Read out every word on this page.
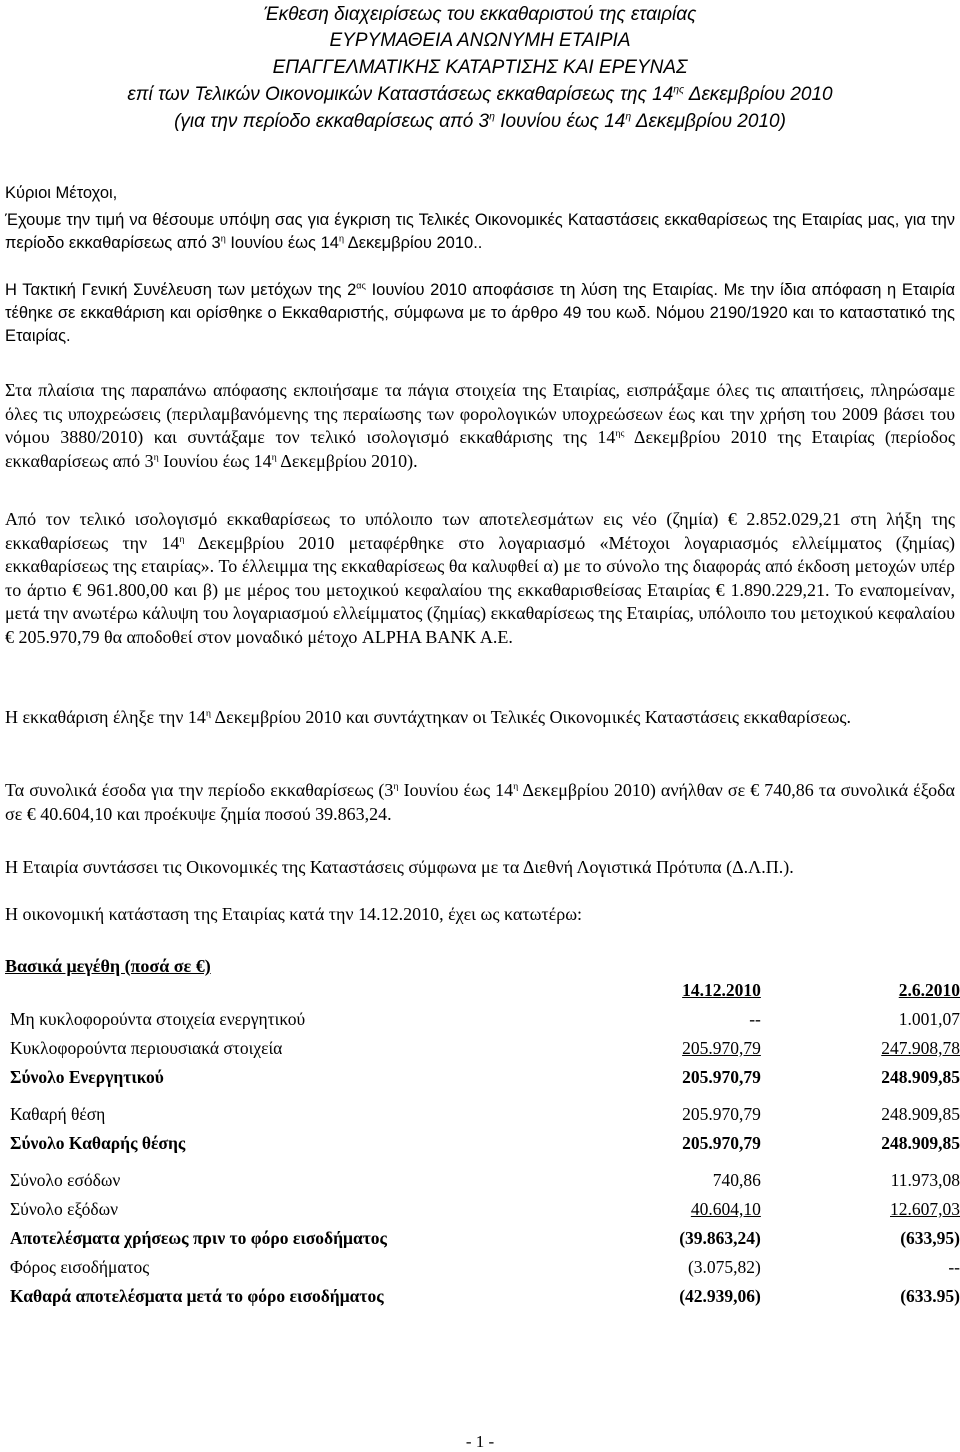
Έκθεση διαχειρίσεως του εκκαθαριστού της εταιρίας
ΕΥΡΥΜΑΘΕΙΑ ΑΝΩΝΥΜΗ ΕΤΑΙΡΙΑ
ΕΠΑΓΓΕΛΜΑΤΙΚΗΣ ΚΑΤΑΡΤΙΣΗΣ ΚΑΙ ΕΡΕΥΝΑΣ
επί των Τελικών Οικονομικών Καταστάσεως εκκαθαρίσεως της $14^{\eta\varsigma}$ Δεκεμβρίου 2010
(για την περίοδο εκκαθαρίσεως από $3^\eta$ Ιουνίου έως $14^\eta$ Δεκεμβρίου 2010)

Κύριοι Μέτοχοι,

Έχουμε την τιμή να θέσουμε υπόψη σας για έγκριση τις Τελικές Οικονομικές Καταστάσεις εκκαθαρίσεως της Εταιρίας μας, για την περίοδο εκκαθαρίσεως από $3^\eta$ Ιουνίου έως $14^\eta$ Δεκεμβρίου 2010..

Η Τακτική Γενική Συνέλευση των μετόχων της $2^{\alpha\varsigma}$ Ιουνίου 2010 αποφάσισε τη λύση της Εταιρίας. Με την ίδια απόφαση η Εταιρία τέθηκε σε εκκαθάριση και ορίσθηκε ο Εκκαθαριστής, σύμφωνα με το άρθρο 49 του κωδ. Νόμου 2190/1920 και το καταστατικό της Εταιρίας.

Στα πλαίσια της παραπάνω απόφασης εκποιήσαμε τα πάγια στοιχεία της Εταιρίας, εισπράξαμε όλες τις απαιτήσεις, πληρώσαμε όλες τις υποχρεώσεις (περιλαμβανόμενης της περαίωσης των φορολογικών υποχρεώσεων έως και την χρήση του 2009 βάσει του νόμου 3880/2010) και συντάξαμε τον τελικό ισολογισμό εκκαθάρισης της $14^{\eta\varsigma}$ Δεκεμβρίου 2010 της Εταιρίας (περίοδος εκκαθαρίσεως από $3^\eta$ Ιουνίου έως $14^\eta$ Δεκεμβρίου 2010).

Από τον τελικό ισολογισμό εκκαθαρίσεως το υπόλοιπο των αποτελεσμάτων εις νέο (ζημία) € 2.852.029,21 στη λήξη της εκκαθαρίσεως την $14^\eta$ Δεκεμβρίου 2010 μεταφέρθηκε στο λογαριασμό «Μέτοχοι λογαριασμός ελλείμματος (ζημίας) εκκαθαρίσεως της εταιρίας». Το έλλειμμα της εκκαθαρίσεως θα καλυφθεί α) με το σύνολο της διαφοράς από έκδοση μετοχών υπέρ το άρτιο € 961.800,00 και β) με μέρος του μετοχικού κεφαλαίου της εκκαθαρισθείσας Εταιρίας € 1.890.229,21. Το εναπομείναν, μετά την ανωτέρω κάλυψη του λογαριασμού ελλείμματος (ζημίας) εκκαθαρίσεως της Εταιρίας, υπόλοιπο του μετοχικού κεφαλαίου € 205.970,79 θα αποδοθεί στον μοναδικό μέτοχο ALPHA BANK A.E.

Η εκκαθάριση έληξε την $14^\eta$ Δεκεμβρίου 2010 και συντάχτηκαν οι Τελικές Οικονομικές Καταστάσεις εκκαθαρίσεως.

Τα συνολικά έσοδα για την περίοδο εκκαθαρίσεως ($3^\eta$ Ιουνίου έως $14^\eta$ Δεκεμβρίου 2010) ανήλθαν σε € 740,86 τα συνολικά έξοδα σε € 40.604,10 και προέκυψε ζημία ποσού 39.863,24.

Η Εταιρία συντάσσει τις Οικονομικές της Καταστάσεις σύμφωνα με τα Διεθνή Λογιστικά Πρότυπα (Δ.Λ.Π.).

Η οικονομική κατάσταση της Εταιρίας κατά την 14.12.2010, έχει ως κατωτέρω:

Βασικά μεγέθη (ποσά σε €)
	14.12.2010	2.6.2010
Μη κυκλοφορούντα στοιχεία ενεργητικού	--	1.001,07
Κυκλοφορούντα περιουσιακά στοιχεία	205.970,79	247.908,78
Σύνολο Ενεργητικού	205.970,79	248.909,85

Καθαρή θέση	205.970,79	248.909,85
Σύνολο Καθαρής θέσης	205.970,79	248.909,85

Σύνολο εσόδων	740,86	11.973,08
Σύνολο εξόδων	40.604,10	12.607,03
Αποτελέσματα χρήσεως πριν το φόρο εισοδήματος	(39.863,24)	(633,95)
Φόρος εισοδήματος	(3.075,82)	--
Καθαρά αποτελέσματα μετά το φόρο εισοδήματος	(42.939,06)	(633.95)
- 1 -
